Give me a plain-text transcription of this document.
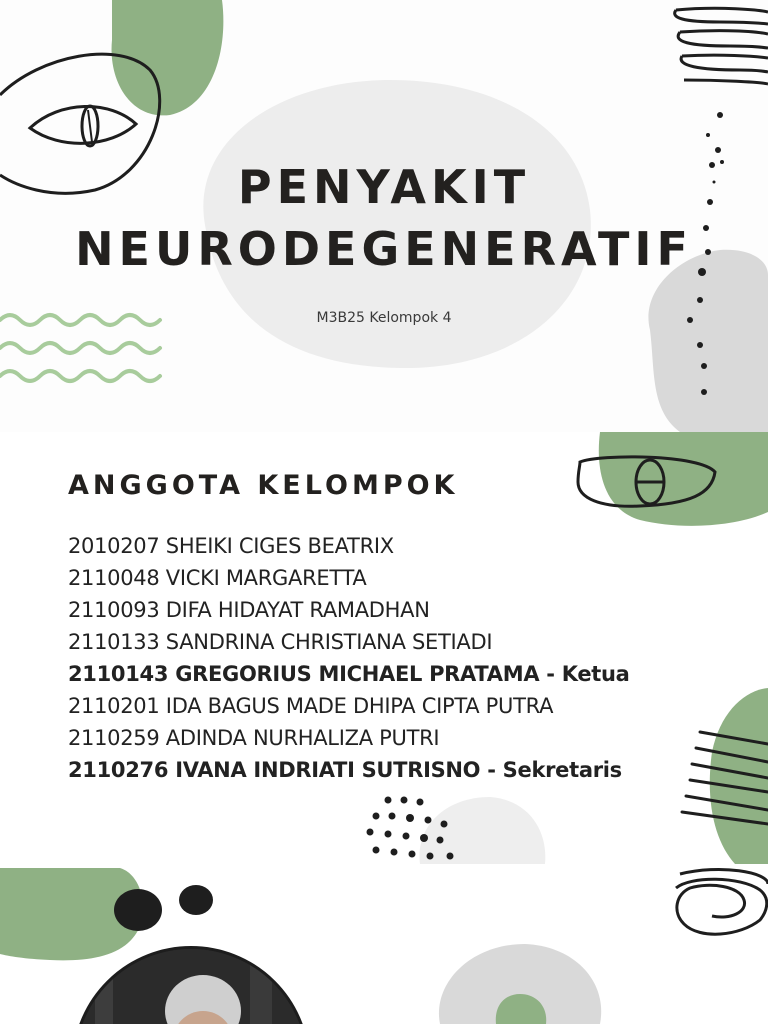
PENYAKIT
NEURODEGENERATIF
M3B25 Kelompok 4
ANGGOTA KELOMPOK
2010207 SHEIKI CIGES BEATRIX
2110048 VICKI MARGARETTA
2110093 DIFA HIDAYAT RAMADHAN
2110133 SANDRINA CHRISTIANA SETIADI
2110143 GREGORIUS MICHAEL PRATAMA - Ketua
2110201 IDA BAGUS MADE DHIPA CIPTA PUTRA
2110259 ADINDA NURHALIZA PUTRI
2110276 IVANA INDRIATI SUTRISNO - Sekretaris
